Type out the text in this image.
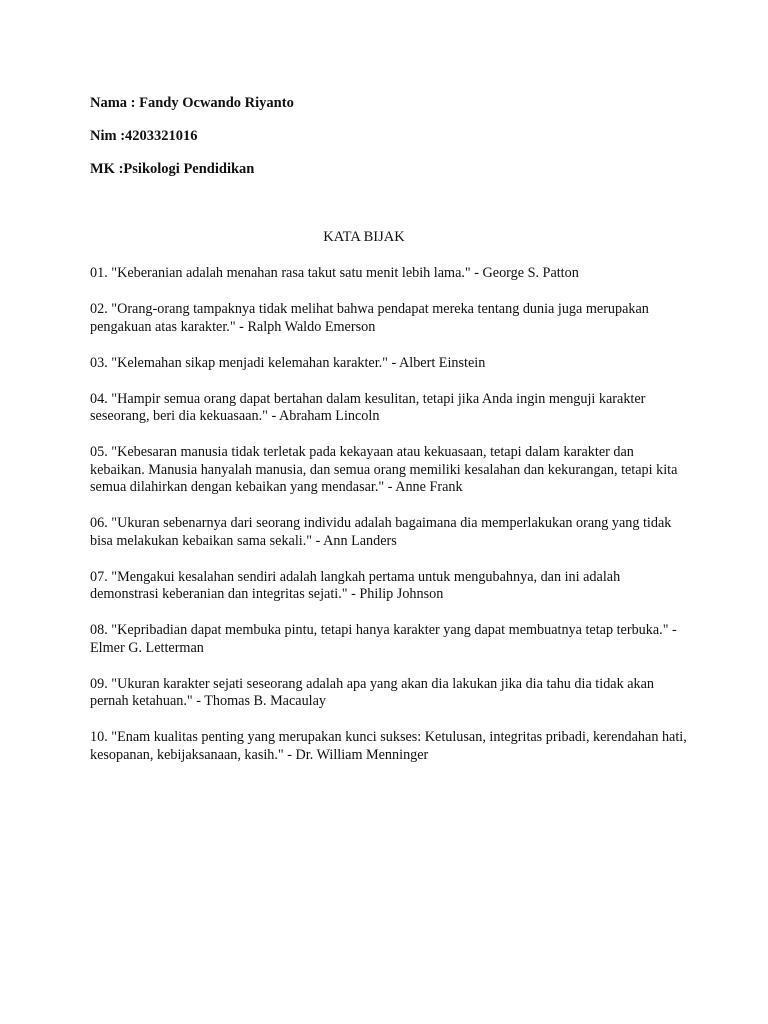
Nama : Fandy Ocwando Riyanto
Nim :4203321016
MK :Psikologi Pendidikan
KATA BIJAK

01. "Keberanian adalah menahan rasa takut satu menit lebih lama." - George S. Patton

02. "Orang-orang tampaknya tidak melihat bahwa pendapat mereka tentang dunia juga merupakan pengakuan atas karakter." - Ralph Waldo Emerson

03. "Kelemahan sikap menjadi kelemahan karakter." - Albert Einstein

04. "Hampir semua orang dapat bertahan dalam kesulitan, tetapi jika Anda ingin menguji karakter seseorang, beri dia kekuasaan." - Abraham Lincoln

05. "Kebesaran manusia tidak terletak pada kekayaan atau kekuasaan, tetapi dalam karakter dan kebaikan. Manusia hanyalah manusia, dan semua orang memiliki kesalahan dan kekurangan, tetapi kita semua dilahirkan dengan kebaikan yang mendasar." - Anne Frank

06. "Ukuran sebenarnya dari seorang individu adalah bagaimana dia memperlakukan orang yang tidak bisa melakukan kebaikan sama sekali." - Ann Landers

07. "Mengakui kesalahan sendiri adalah langkah pertama untuk mengubahnya, dan ini adalah demonstrasi keberanian dan integritas sejati." - Philip Johnson

08. "Kepribadian dapat membuka pintu, tetapi hanya karakter yang dapat membuatnya tetap terbuka." - Elmer G. Letterman

09. "Ukuran karakter sejati seseorang adalah apa yang akan dia lakukan jika dia tahu dia tidak akan pernah ketahuan." - Thomas B. Macaulay

10. "Enam kualitas penting yang merupakan kunci sukses: Ketulusan, integritas pribadi, kerendahan hati, kesopanan, kebijaksanaan, kasih." - Dr. William Menninger
